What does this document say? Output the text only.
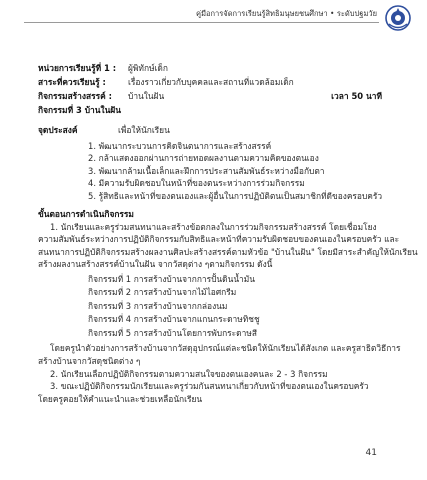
คู่มือการจัดการเรียนรู้สิทธิมนุษยชนศึกษา • ระดับปฐมวัย
หน่วยการเรียนรู้ที่ 1 : ผู้พิทักษ์เด็ก
สาระที่ควรเรียนรู้ :	เรื่องราวเกี่ยวกับบุคคลและสถานที่แวดล้อมเด็ก
กิจกรรมสร้างสรรค์ : บ้านในฝัน	เวลา 50 นาที
กิจกรรมที่ 3 บ้านในฝัน
จุดประสงค์	เพื่อให้นักเรียน
1. พัฒนากระบวนการคิดจินตนาการและสร้างสรรค์
2. กล้าแสดงออกผ่านการถ่ายทอดผลงานตามความคิดของตนเอง
3. พัฒนากล้ามเนื้อเล็กและฝึกการประสานสัมพันธ์ระหว่างมือกับตา
4. มีความรับผิดชอบในหน้าที่ของตนระหว่างการร่วมกิจกรรม
5. รู้สิทธิและหน้าที่ของตนเองและผู้อื่นในการปฏิบัติตนเป็นสมาชิกที่ดีของครอบครัว
ขั้นตอนการดำเนินกิจกรรม
1. นักเรียนและครูร่วมสนทนาและสร้างข้อตกลงในการร่วมกิจกรรมสร้างสรรค์ โดยเชื่อมโยง
ความสัมพันธ์ระหว่างการปฏิบัติกิจกรรมกับสิทธิและหน้าที่ความรับผิดชอบของตนเองในครอบครัว และ
สนทนาการปฏิบัติกิจกรรมสร้างผลงานศิลปะสร้างสรรค์ตามหัวข้อ "บ้านในฝัน" โดยมีสาระสำคัญให้นักเรียน
สร้างผลงานสร้างสรรค์บ้านในฝัน จากวัสดุต่าง ๆตามกิจกรรม ดังนี้
กิจกรรมที่ 1 การสร้างบ้านจากการปั้นดินน้ำมัน
กิจกรรมที่ 2 การสร้างบ้านจากไม้ไอศกรีม
กิจกรรมที่ 3 การสร้างบ้านจากกล่องนม
กิจกรรมที่ 4 การสร้างบ้านจากแกนกระดาษทิชชู
กิจกรรมที่ 5 การสร้างบ้านโดยการพับกระดาษสี
โดยครูนำตัวอย่างการสร้างบ้านจากวัสดุอุปกรณ์แต่ละชนิดให้นักเรียนได้สังเกต และครูสาธิตวิธีการ
สร้างบ้านจากวัสดุชนิดต่าง ๆ
2. นักเรียนเลือกปฏิบัติกิจกรรมตามความสนใจของตนเองคนละ 2 - 3 กิจกรรม
3. ขณะปฏิบัติกิจกรรมนักเรียนและครูร่วมกันสนทนาเกี่ยวกับหน้าที่ของตนเองในครอบครัว
โดยครูคอยให้คำแนะนำและช่วยเหลือนักเรียน
41
